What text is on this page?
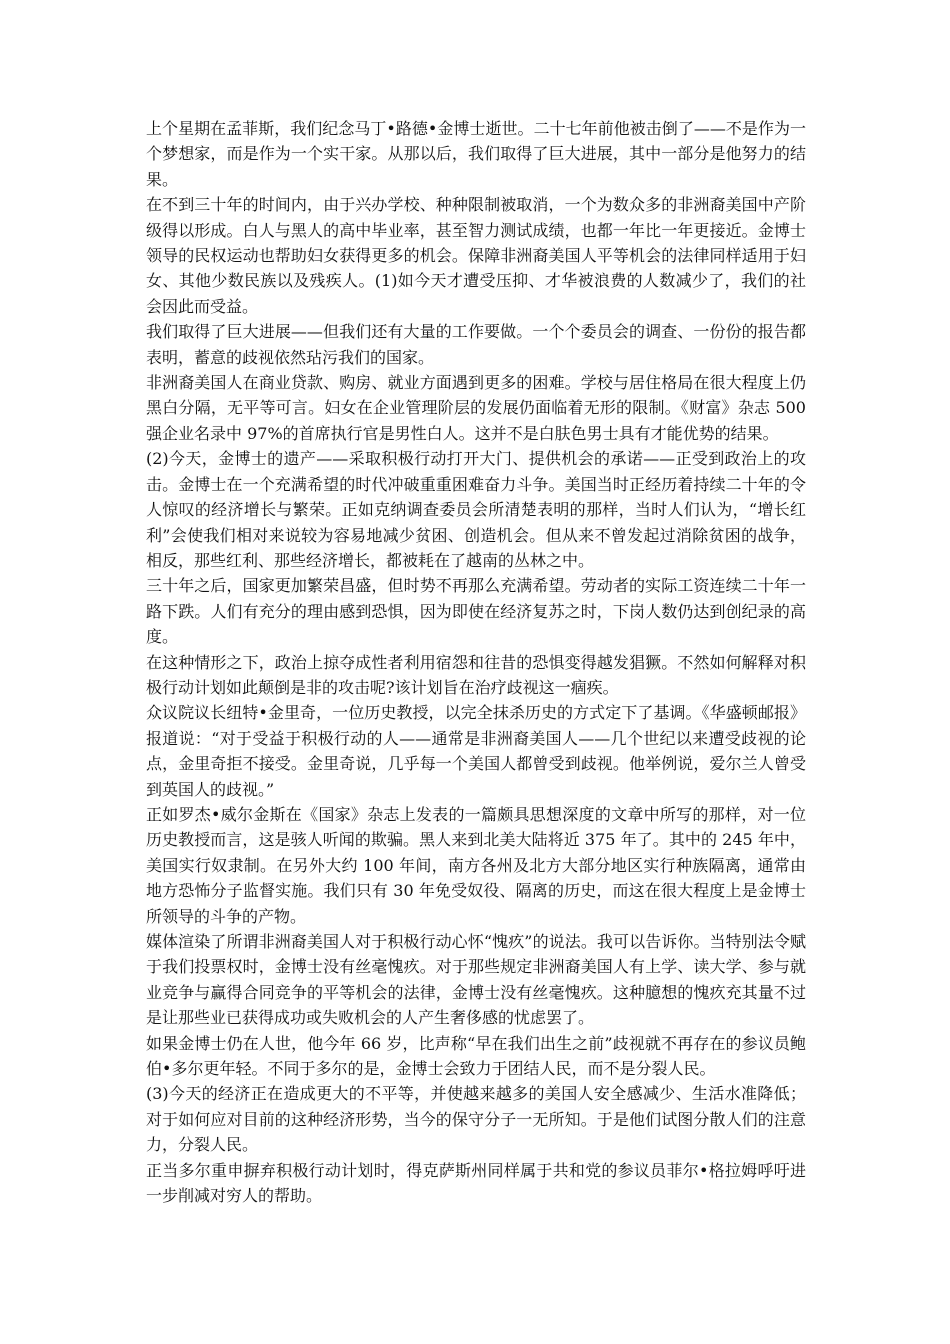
上个星期在孟菲斯，我们纪念马丁•路德•金博士逝世。二十七年前他被击倒了——不是作为一个梦想家，而是作为一个实干家。从那以后，我们取得了巨大进展，其中一部分是他努力的结果。

在不到三十年的时间内，由于兴办学校、种种限制被取消，一个为数众多的非洲裔美国中产阶级得以形成。白人与黑人的高中毕业率，甚至智力测试成绩，也都一年比一年更接近。金博士领导的民权运动也帮助妇女获得更多的机会。保障非洲裔美国人平等机会的法律同样适用于妇女、其他少数民族以及残疾人。(1)如今天才遭受压抑、才华被浪费的人数减少了，我们的社会因此而受益。

我们取得了巨大进展——但我们还有大量的工作要做。一个个委员会的调查、一份份的报告都表明，蓄意的歧视依然玷污我们的国家。

非洲裔美国人在商业贷款、购房、就业方面遇到更多的困难。学校与居住格局在很大程度上仍黑白分隔，无平等可言。妇女在企业管理阶层的发展仍面临着无形的限制。《财富》杂志 500 强企业名录中 97%的首席执行官是男性白人。这并不是白肤色男士具有才能优势的结果。

(2)今天，金博士的遗产——采取积极行动打开大门、提供机会的承诺——正受到政治上的攻击。金博士在一个充满希望的时代冲破重重困难奋力斗争。美国当时正经历着持续二十年的令人惊叹的经济增长与繁荣。正如克纳调查委员会所清楚表明的那样，当时人们认为，“增长红利”会使我们相对来说较为容易地减少贫困、创造机会。但从来不曾发起过消除贫困的战争，相反，那些红利、那些经济增长，都被耗在了越南的丛林之中。

三十年之后，国家更加繁荣昌盛，但时势不再那么充满希望。劳动者的实际工资连续二十年一路下跌。人们有充分的理由感到恐惧，因为即使在经济复苏之时，下岗人数仍达到创纪录的高度。

在这种情形之下，政治上掠夺成性者利用宿怨和往昔的恐惧变得越发猖獗。不然如何解释对积极行动计划如此颠倒是非的攻击呢?该计划旨在治疗歧视这一痼疾。

众议院议长纽特•金里奇，一位历史教授，以完全抹杀历史的方式定下了基调。《华盛顿邮报》报道说：“对于受益于积极行动的人——通常是非洲裔美国人——几个世纪以来遭受歧视的论点，金里奇拒不接受。金里奇说，几乎每一个美国人都曾受到歧视。他举例说，爱尔兰人曾受到英国人的歧视。”

正如罗杰•威尔金斯在《国家》杂志上发表的一篇颇具思想深度的文章中所写的那样，对一位历史教授而言，这是骇人听闻的欺骗。黑人来到北美大陆将近 375 年了。其中的 245 年中，美国实行奴隶制。在另外大约 100 年间，南方各州及北方大部分地区实行种族隔离，通常由地方恐怖分子监督实施。我们只有 30 年免受奴役、隔离的历史，而这在很大程度上是金博士所领导的斗争的产物。

媒体渲染了所谓非洲裔美国人对于积极行动心怀“愧疚”的说法。我可以告诉你。当特别法令赋于我们投票权时，金博士没有丝毫愧疚。对于那些规定非洲裔美国人有上学、读大学、参与就业竞争与赢得合同竞争的平等机会的法律，金博士没有丝毫愧疚。这种臆想的愧疚充其量不过是让那些业已获得成功或失败机会的人产生奢侈感的忧虑罢了。

如果金博士仍在人世，他今年 66 岁，比声称“早在我们出生之前”歧视就不再存在的参议员鲍伯•多尔更年轻。不同于多尔的是，金博士会致力于团结人民，而不是分裂人民。

(3)今天的经济正在造成更大的不平等，并使越来越多的美国人安全感减少、生活水准降低；对于如何应对目前的这种经济形势，当今的保守分子一无所知。于是他们试图分散人们的注意力，分裂人民。

正当多尔重申摒弃积极行动计划时，得克萨斯州同样属于共和党的参议员菲尔•格拉姆呼吁进一步削减对穷人的帮助。
